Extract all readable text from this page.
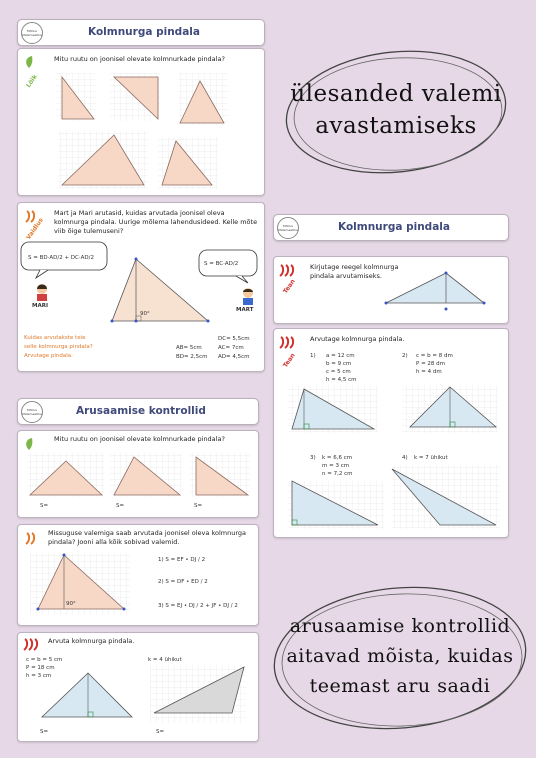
Mõtlus Matemaatika	Kolmnurga pindala
Lõik
Mitu ruutu on joonisel olevate kolmnurkade pindala?
Vaidlus
Mart ja Mari arutasid, kuidas arvutada joonisel oleva kolmnurga pindala. Uurige mõlema lahendusideed. Kelle mõte viib õige tulemuseni?
S = BD·AD/2 + DC·AD/2
S = BC·AD/2
MARI
MART
90°
Kuidas arvutakste teie
selle kolmnurga pindala?
Arvutage pindala.
AB= 5cm
BD= 2,5cm
DC= 5,5cm
AC= 7cm
AD= 4,5cm
Mõtlus Matemaatika	Kolmnurga pindala
Tean
Kirjutage reegel kolmnurga pindala arvutamiseks.
Tean
Arvutage kolmnurga pindala.
1) a = 12 cm
b = 9 cm
c = 5 cm
h = 4,5 cm
2) c = b = 8 dm
P = 28 dm
h = 4 dm
3) k = 6,6 cm
m = 3 cm
n = 7,2 cm
4) k = 7 ühikut
Mõtlus Matemaatika	Arusaamise kontrollid
Mitu ruutu on joonisel olevate kolmnurkade pindala?
S=	S=	S=
Missuguse valemiga saab arvutada joonisel oleva kolmnurga pindala? Jooni alla kõik sobivad valemid.
90°
1) S = EF • DJ / 2
2) S = DF • ED / 2
3) S = EJ • DJ / 2 + JF • DJ / 2
Arvuta kolmnurga pindala.
c = b = 5 cm
P = 18 cm
h = 3 cm
k = 4 ühikut
S=	S=
ülesanded valemi
avastamiseks
arusaamise kontrollid
aitavad mõista, kuidas
teemast aru saadi
